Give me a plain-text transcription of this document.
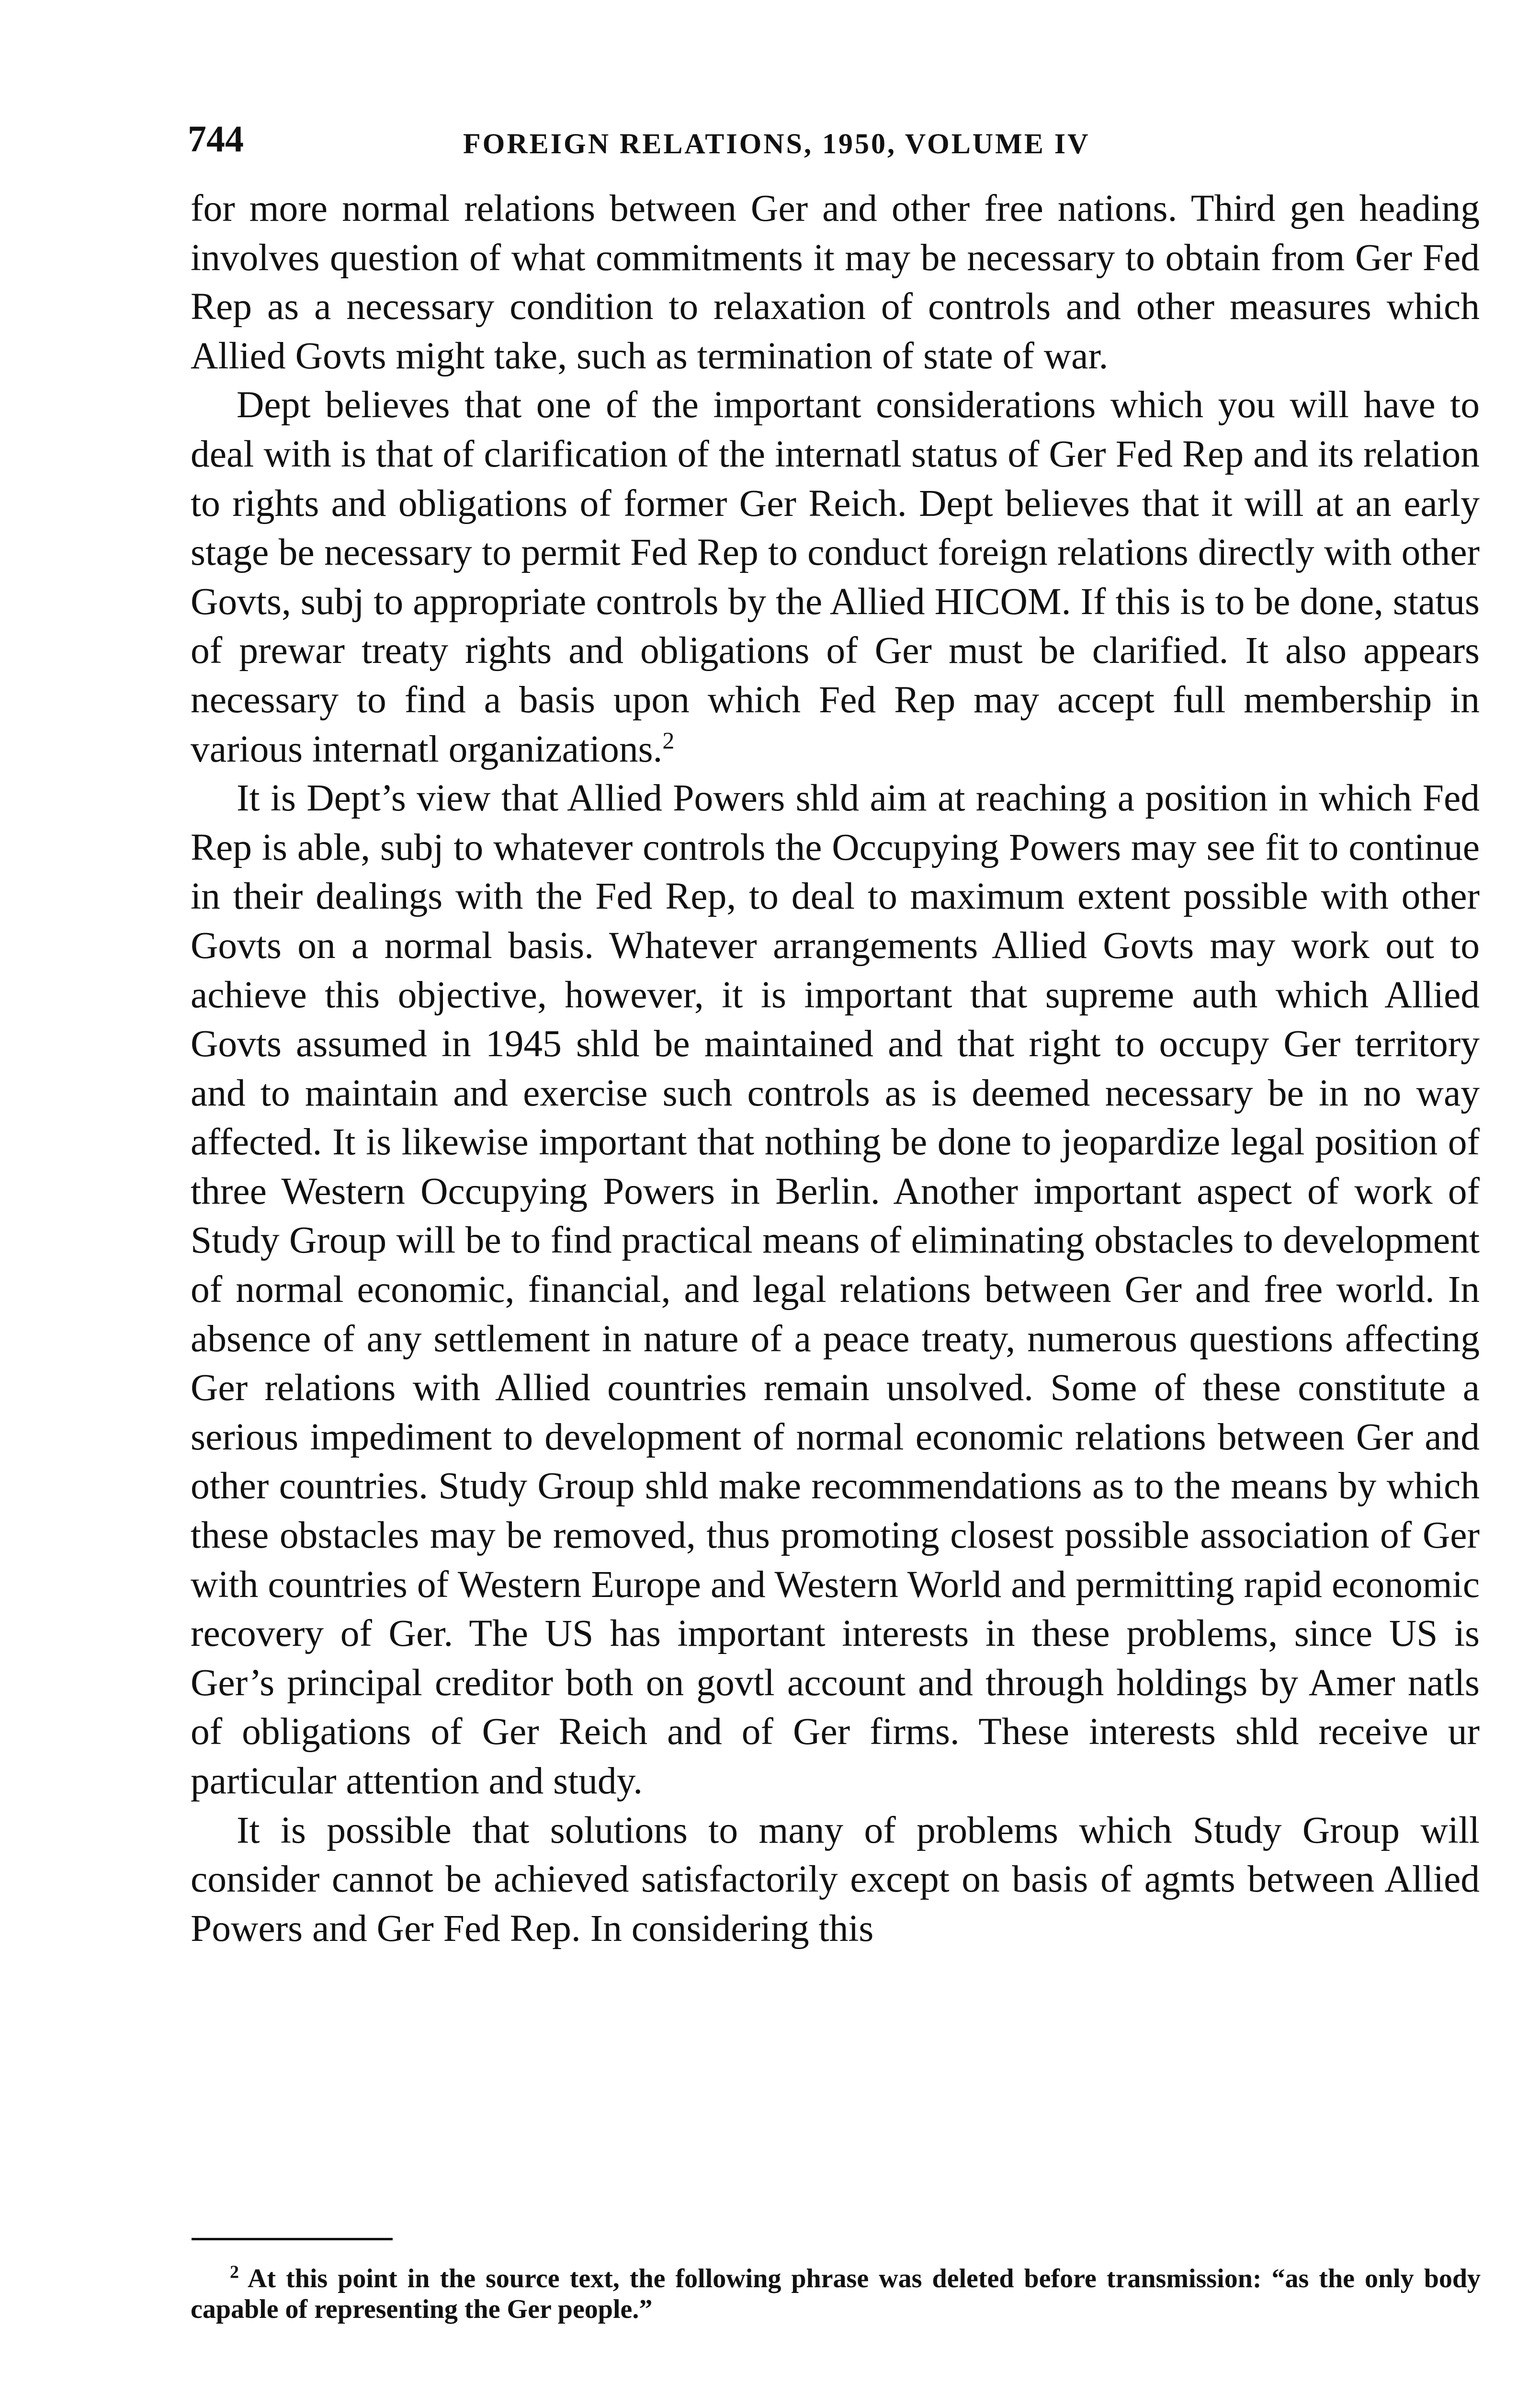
744	FOREIGN RELATIONS, 1950, VOLUME IV

for more normal relations between Ger and other free nations. Third gen heading involves question of what commitments it may be necessary to obtain from Ger Fed Rep as a necessary condition to relaxation of controls and other measures which Allied Govts might take, such as termination of state of war.

Dept believes that one of the important considerations which you will have to deal with is that of clarification of the internatl status of Ger Fed Rep and its relation to rights and obligations of former Ger Reich. Dept believes that it will at an early stage be necessary to permit Fed Rep to conduct foreign relations directly with other Govts, subj to appropriate controls by the Allied HICOM. If this is to be done, status of prewar treaty rights and obligations of Ger must be clarified. It also appears necessary to find a basis upon which Fed Rep may accept full membership in various internatl organizations.$^2$

It is Dept’s view that Allied Powers shld aim at reaching a position in which Fed Rep is able, subj to whatever controls the Occupying Powers may see fit to continue in their dealings with the Fed Rep, to deal to maximum extent possible with other Govts on a normal basis. Whatever arrangements Allied Govts may work out to achieve this objective, however, it is important that supreme auth which Allied Govts assumed in 1945 shld be maintained and that right to occupy Ger territory and to maintain and exercise such controls as is deemed necessary be in no way affected. It is likewise important that nothing be done to jeopardize legal position of three Western Occupying Powers in Berlin. Another important aspect of work of Study Group will be to find practical means of eliminating obstacles to development of normal economic, financial, and legal relations between Ger and free world. In absence of any settlement in nature of a peace treaty, numerous questions affecting Ger relations with Allied countries remain unsolved. Some of these constitute a serious impediment to development of normal economic relations between Ger and other countries. Study Group shld make recommendations as to the means by which these obstacles may be removed, thus promoting closest possible association of Ger with countries of Western Europe and Western World and permitting rapid economic recovery of Ger. The US has important interests in these problems, since US is Ger’s principal creditor both on govtl account and through holdings by Amer natls of obligations of Ger Reich and of Ger firms. These interests shld receive ur particular attention and study.

It is possible that solutions to many of problems which Study Group will consider cannot be achieved satisfactorily except on basis of agmts between Allied Powers and Ger Fed Rep. In considering this

$^2$ At this point in the source text, the following phrase was deleted before transmission: “as the only body capable of representing the Ger people.”
